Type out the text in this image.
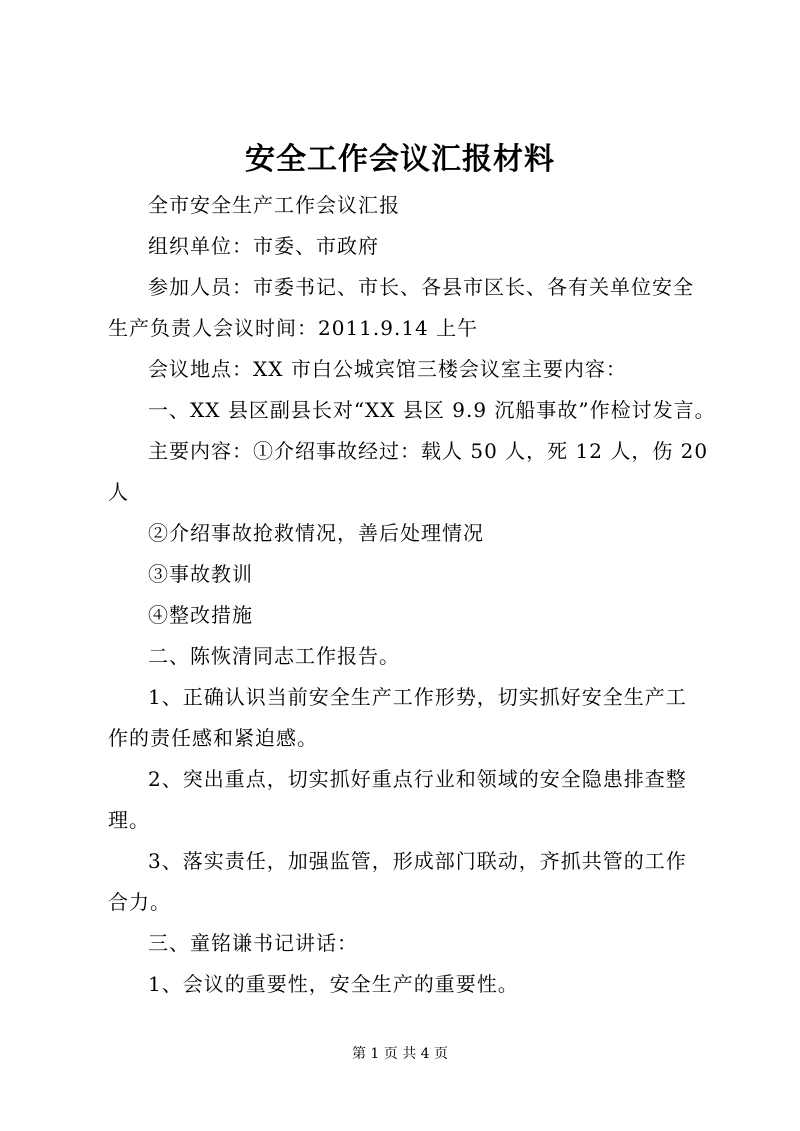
安全工作会议汇报材料
全市安全生产工作会议汇报
组织单位：市委、市政府
参加人员：市委书记、市长、各县市区长、各有关单位安全
生产负责人会议时间：2011.9.14 上午
会议地点：XX 市白公城宾馆三楼会议室主要内容：
一、XX 县区副县长对“XX 县区 9.9 沉船事故”作检讨发言。
主要内容：①介绍事故经过：载人 50 人，死 12 人，伤 20
人
②介绍事故抢救情况，善后处理情况
③事故教训
④整改措施
二、陈恢清同志工作报告。
1、正确认识当前安全生产工作形势，切实抓好安全生产工
作的责任感和紧迫感。
2、突出重点，切实抓好重点行业和领域的安全隐患排查整
理。
3、落实责任，加强监管，形成部门联动，齐抓共管的工作
合力。
三、童铭谦书记讲话：
1、会议的重要性，安全生产的重要性。
第 1 页 共 4 页
